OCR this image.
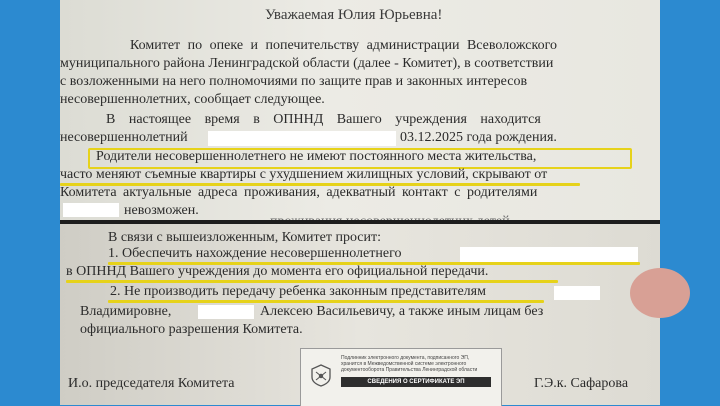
Уважаемая Юлия Юрьевна!
Комитет по опеке и попечительству администрации Всеволожского
муниципального района Ленинградской области (далее - Комитет), в соответствии
с возложенными на него полномочиями по защите прав и законных интересов
несовершеннолетних, сообщает следующее.
В настоящее время в ОПННД Вашего учреждения находится
несовершеннолетний	03.12.2025 года рождения.
Родители несовершеннолетнего не имеют постоянного места жительства,
часто меняют съемные квартиры с ухудшением жилищных условий, скрывают от
Комитета актуальные адреса проживания, адекватный контакт с родителями
невозможен.
В связи с вышеизложенным, Комитет просит:
1. Обеспечить нахождение несовершеннолетнего
в ОПННД Вашего учреждения до момента его официальной передачи.
2. Не производить передачу ребенка законным представителям
Владимировне,	Алексею Васильевичу, а также иным лицам без
официального разрешения Комитета.
И.о. председателя Комитета	Г.Э.к. Сафарова
Подлинник электронного документа, подписанного ЭП,
хранится в Межведомственной системе электронного
документооборота Правительства Ленинградской области
СВЕДЕНИЯ О СЕРТИФИКАТЕ ЭП
